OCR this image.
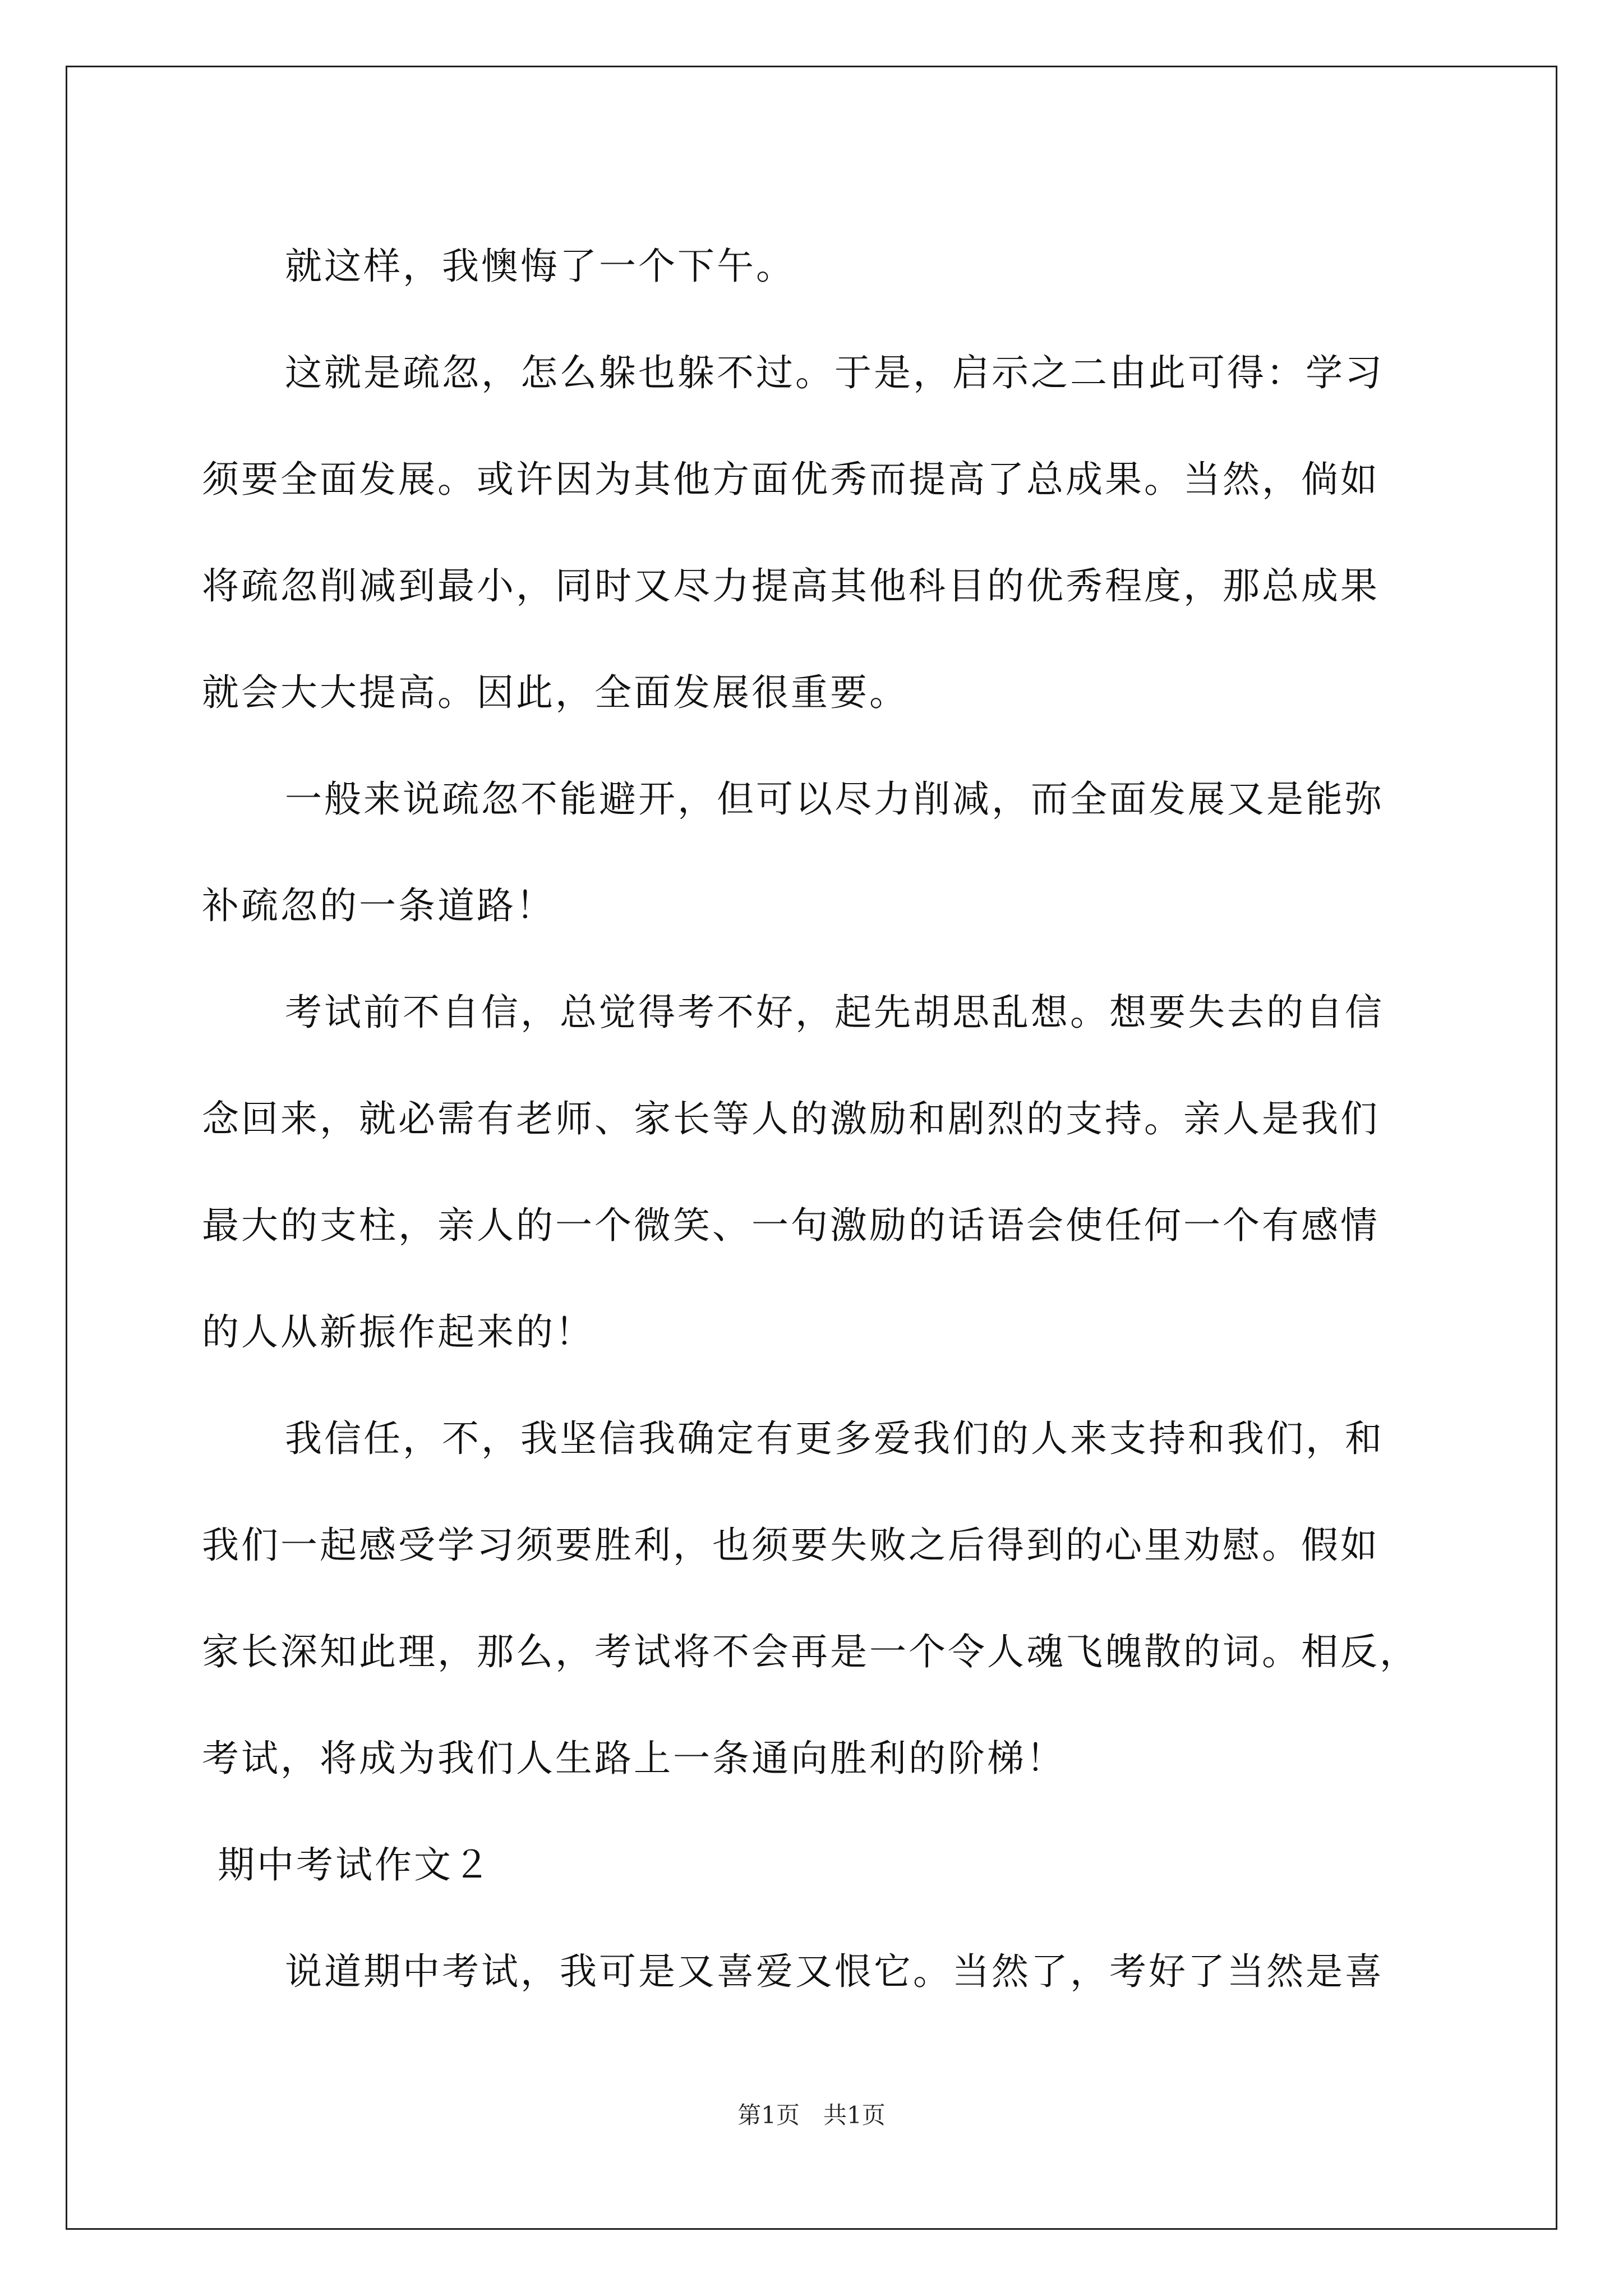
就这样，我懊悔了一个下午。
这就是疏忽，怎么躲也躲不过。于是，启示之二由此可得：学习
须要全面发展。或许因为其他方面优秀而提高了总成果。当然，倘如
将疏忽削减到最小，同时又尽力提高其他科目的优秀程度，那总成果
就会大大提高。因此，全面发展很重要。
一般来说疏忽不能避开，但可以尽力削减，而全面发展又是能弥
补疏忽的一条道路！
考试前不自信，总觉得考不好，起先胡思乱想。想要失去的自信
念回来，就必需有老师、家长等人的激励和剧烈的支持。亲人是我们
最大的支柱，亲人的一个微笑、一句激励的话语会使任何一个有感情
的人从新振作起来的！
我信任，不，我坚信我确定有更多爱我们的人来支持和我们，和
我们一起感受学习须要胜利，也须要失败之后得到的心里劝慰。假如
家长深知此理，那么，考试将不会再是一个令人魂飞魄散的词。相反，
考试，将成为我们人生路上一条通向胜利的阶梯！
期中考试作文２
说道期中考试，我可是又喜爱又恨它。当然了，考好了当然是喜
第1页　共1页
